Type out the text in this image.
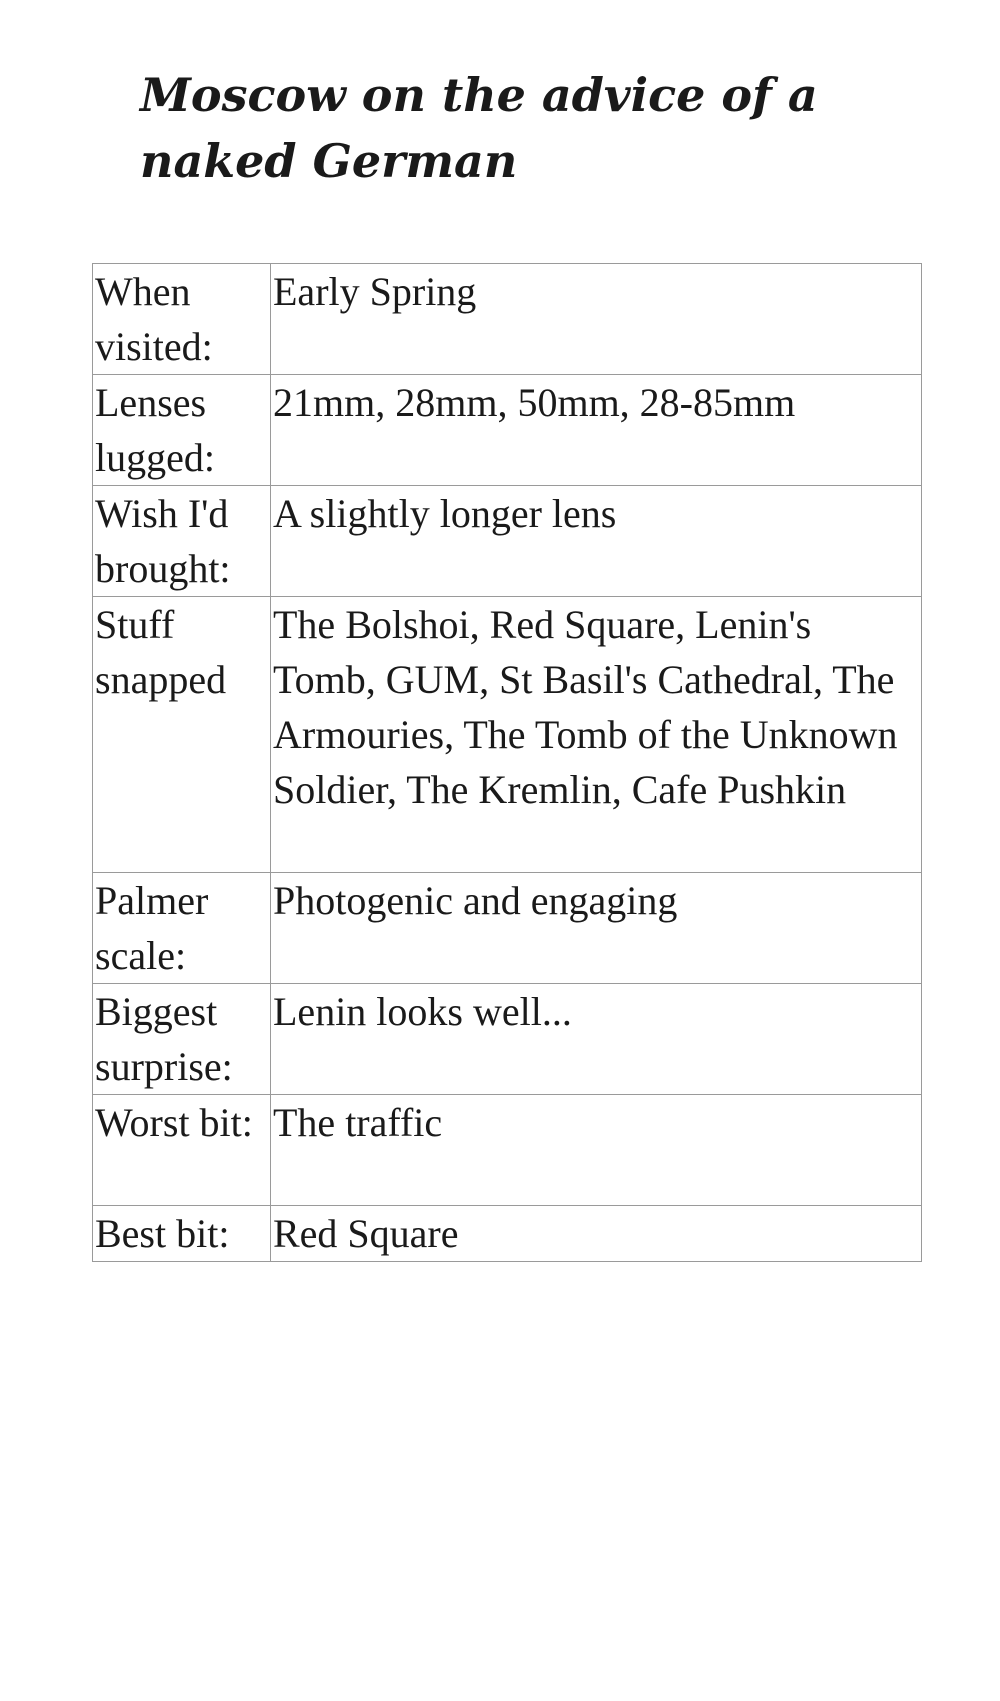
Moscow on the advice of a naked German
When visited:	Early Spring
Lenses lugged:	21mm, 28mm, 50mm, 28-85mm
Wish I'd brought:	A slightly longer lens
Stuff snapped	The Bolshoi, Red Square, Lenin's Tomb, GUM, St Basil's Cathedral, The Armouries, The Tomb of the Unknown Soldier, The Kremlin, Cafe Pushkin
Palmer scale:	Photogenic and engaging
Biggest surprise:	Lenin looks well...
Worst bit:	The traffic
Best bit:	Red Square
